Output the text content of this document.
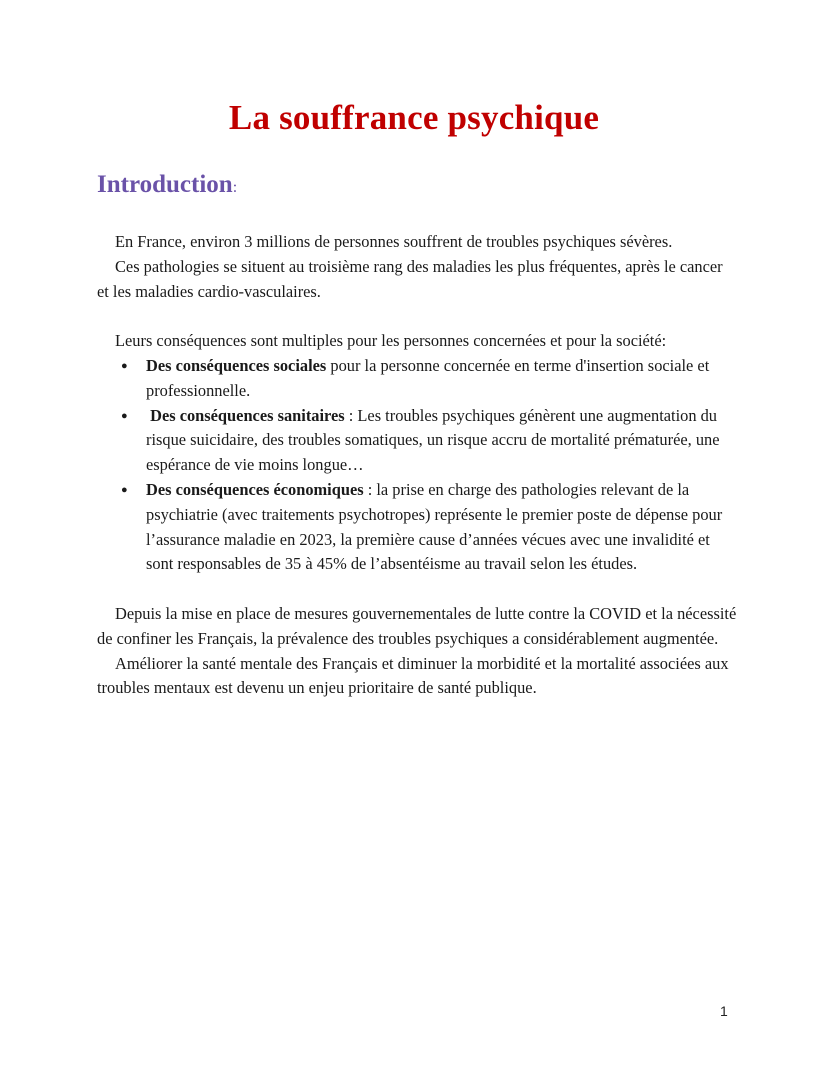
La souffrance psychique
Introduction:

En France, environ 3 millions de personnes souffrent de troubles psychiques sévères.

Ces pathologies se situent au troisième rang des maladies les plus fréquentes, après le cancer et les maladies cardio-vasculaires.

Leurs conséquences sont multiples pour les personnes concernées et pour la société:

● Des conséquences sociales pour la personne concernée en terme d'insertion sociale et professionnelle.
● Des conséquences sanitaires : Les troubles psychiques génèrent une augmentation du risque suicidaire, des troubles somatiques, un risque accru de mortalité prématurée, une espérance de vie moins longue…
● Des conséquences économiques : la prise en charge des pathologies relevant de la psychiatrie (avec traitements psychotropes) représente le premier poste de dépense pour l’assurance maladie en 2023, la première cause d’années vécues avec une invalidité et sont responsables de 35 à 45% de l’absentéisme au travail selon les études.

Depuis la mise en place de mesures gouvernementales de lutte contre la COVID et la nécessité de confiner les Français, la prévalence des troubles psychiques a considérablement augmentée.

Améliorer la santé mentale des Français et diminuer la morbidité et la mortalité associées aux troubles mentaux est devenu un enjeu prioritaire de santé publique.

1
